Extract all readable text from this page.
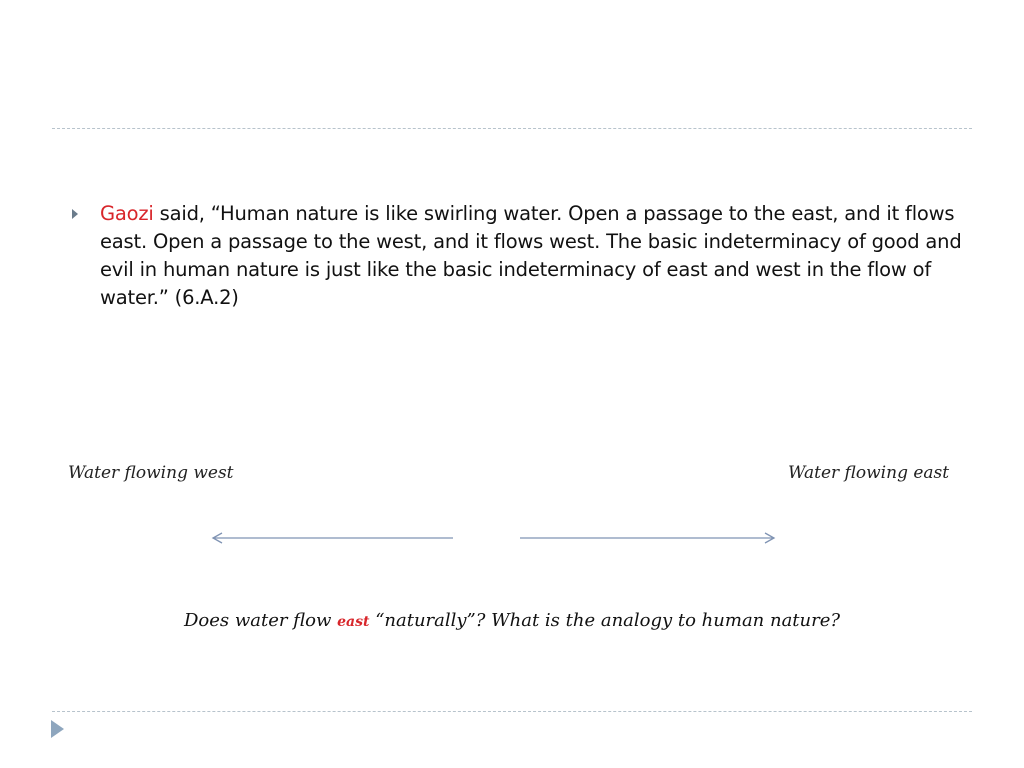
Gaozi said, “Human nature is like swirling water. Open a passage to the east, and it flows east. Open a passage to the west, and it flows west. The basic indeterminacy of good and evil in human nature is just like the basic indeterminacy of east and west in the flow of water.” (6.A.2)
Water flowing west	Water flowing east
Does water flow east “naturally”? What is the analogy to human nature?
